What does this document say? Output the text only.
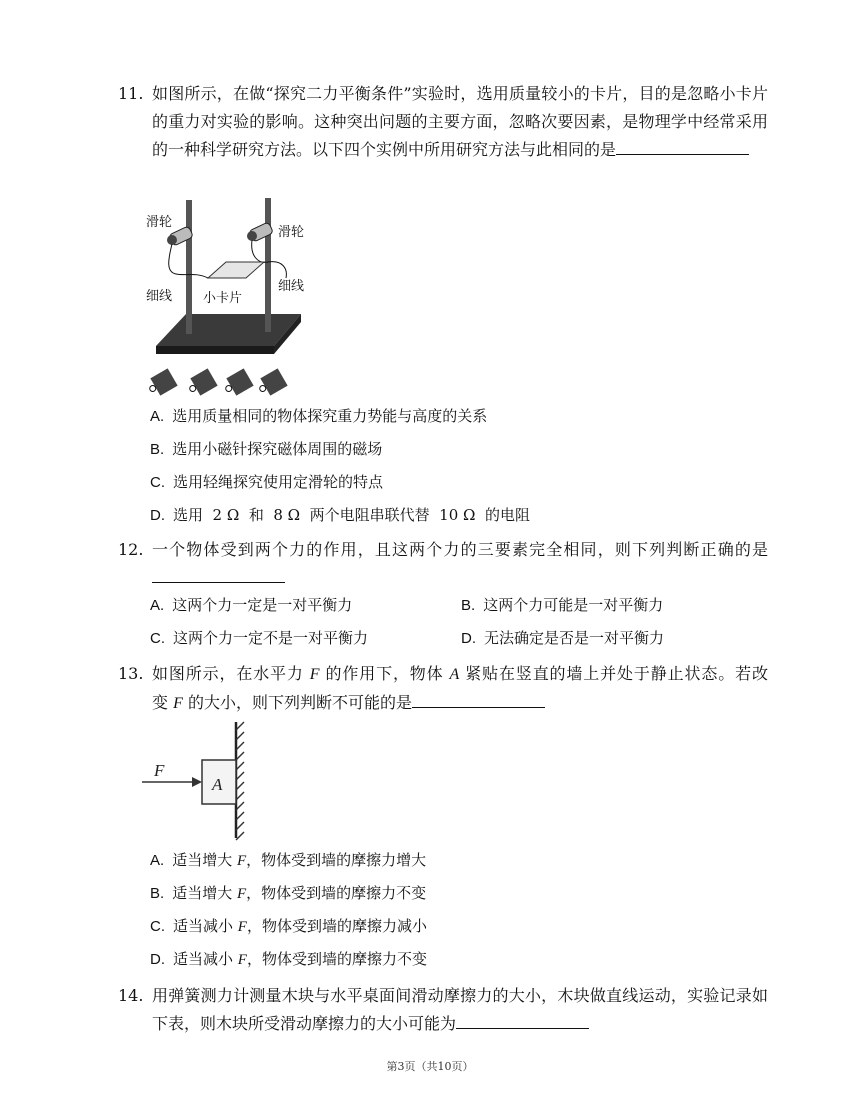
11. 如图所示，在做“探究二力平衡条件”实验时，选用质量较小的卡片，目的是忽略小卡片的重力对实验的影响。这种突出问题的主要方面，忽略次要因素，是物理学中经常采用的一种科学研究方法。以下四个实例中所用研究方法与此相同的是
小卡片
滑轮
滑轮
细线
细线
A. 选用质量相同的物体探究重力势能与高度的关系
B. 选用小磁针探究磁体周围的磁场
C. 选用轻绳探究使用定滑轮的特点
D. 选用  2 Ω  和  8 Ω  两个电阻串联代替  10 Ω  的电阻
12. 一个物体受到两个力的作用，且这两个力的三要素完全相同，则下列判断正确的是
A. 这两个力一定是一对平衡力	B. 这两个力可能是一对平衡力
C. 这两个力一定不是一对平衡力	D. 无法确定是否是一对平衡力
13. 如图所示，在水平力 F 的作用下，物体 A 紧贴在竖直的墙上并处于静止状态。若改变 F 的大小，则下列判断不可能的是
A
F
A. 适当增大 F，物体受到墙的摩擦力增大
B. 适当增大 F，物体受到墙的摩擦力不变
C. 适当减小 F，物体受到墙的摩擦力减小
D. 适当减小 F，物体受到墙的摩擦力不变
14. 用弹簧测力计测量木块与水平桌面间滑动摩擦力的大小，木块做直线运动，实验记录如下表，则木块所受滑动摩擦力的大小可能为
第3页（共10页）
